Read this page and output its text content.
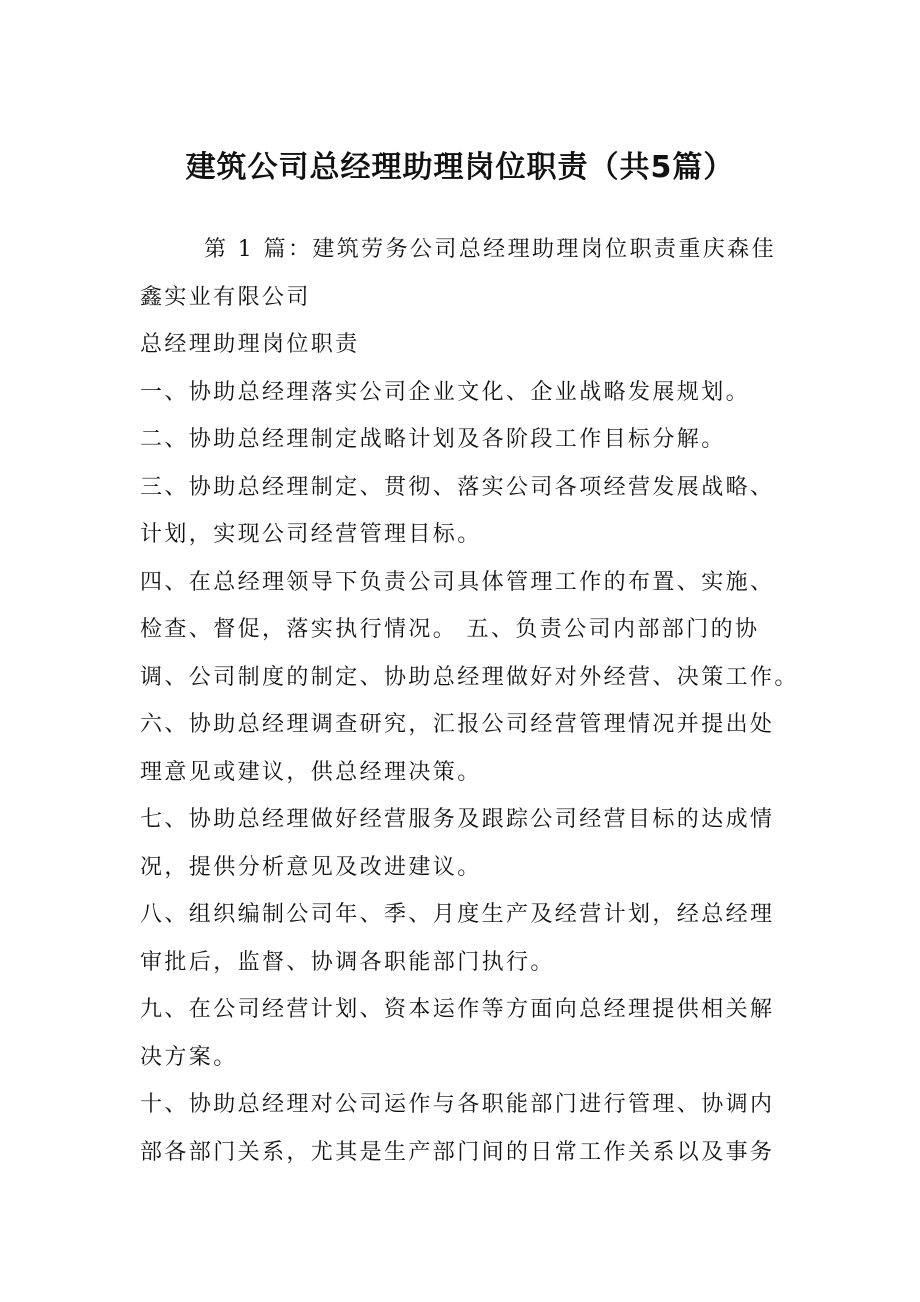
建筑公司总经理助理岗位职责（共5篇）

第 1 篇：建筑劳务公司总经理助理岗位职责重庆森佳

鑫实业有限公司

总经理助理岗位职责

一、协助总经理落实公司企业文化、企业战略发展规划。

二、协助总经理制定战略计划及各阶段工作目标分解。

三、协助总经理制定、贯彻、落实公司各项经营发展战略、

计划，实现公司经营管理目标。

四、在总经理领导下负责公司具体管理工作的布置、实施、

检查、督促，落实执行情况。 五、负责公司内部部门的协

调、公司制度的制定、协助总经理做好对外经营、决策工作。

六、协助总经理调查研究，汇报公司经营管理情况并提出处

理意见或建议，供总经理决策。

七、协助总经理做好经营服务及跟踪公司经营目标的达成情

况，提供分析意见及改进建议。

八、组织编制公司年、季、月度生产及经营计划，经总经理

审批后，监督、协调各职能部门执行。

九、在公司经营计划、资本运作等方面向总经理提供相关解

决方案。

十、协助总经理对公司运作与各职能部门进行管理、协调内

部各部门关系，尤其是生产部门间的日常工作关系以及事务
